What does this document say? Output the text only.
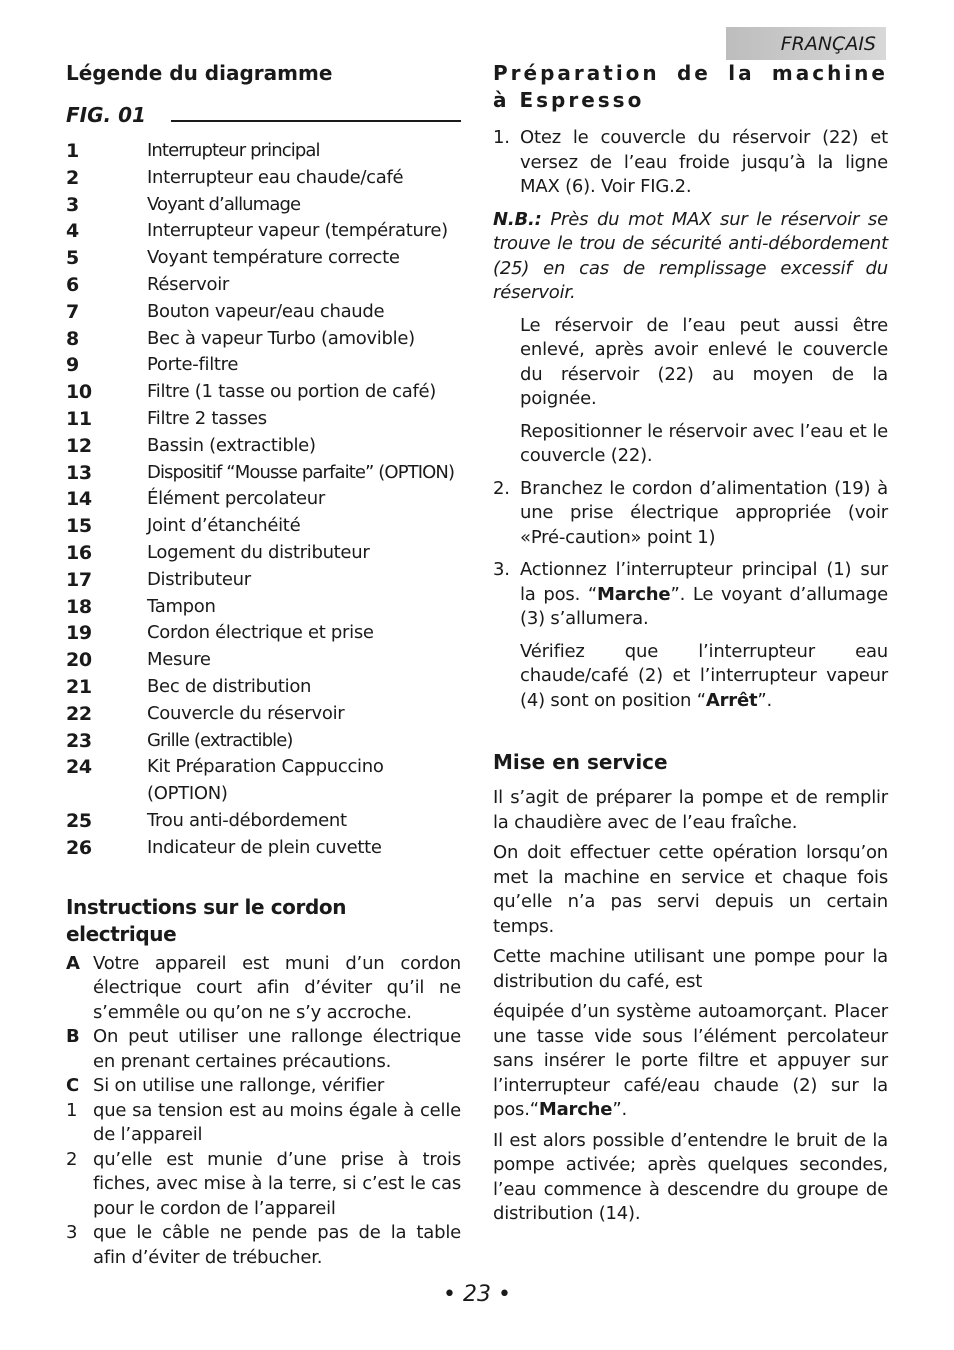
FRANÇAIS
Légende du diagramme
FIG. 01
1	Interrupteur principal
2	Interrupteur eau chaude/café
3	Voyant d’allumage
4	Interrupteur vapeur (température)
5	Voyant température correcte
6	Réservoir
7	Bouton vapeur/eau chaude
8	Bec à vapeur Turbo (amovible)
9	Porte-filtre
10	Filtre (1 tasse ou portion de café)
11	Filtre 2 tasses
12	Bassin (extractible)
13	Dispositif “Mousse parfaite” (OPTION)
14	Élément percolateur
15	Joint d’étanchéité
16	Logement du distributeur
17	Distributeur
18	Tampon
19	Cordon électrique et prise
20	Mesure
21	Bec de distribution
22	Couvercle du réservoir
23	Grille (extractible)
24	Kit Préparation Cappuccino (OPTION)
25	Trou anti-débordement
26	Indicateur de plein cuvette
Instructions sur le cordon electrique
A Votre appareil est muni d’un cordon électrique court afin d’éviter qu’il ne s’emmêle ou qu’on ne s’y accroche.
B On peut utiliser une rallonge électrique en prenant certaines précautions.
C Si on utilise une rallonge, vérifier
1 que sa tension est au moins égale à celle de l’appareil
2 qu’elle est munie d’une prise à trois fiches, avec mise à la terre, si c’est le cas pour le cordon de l’appareil
3 que le câble ne pende pas de la table afin d’éviter de trébucher.
Préparation de la machine à Espresso
1. Otez le couvercle du réservoir (22) et versez de l’eau froide jusqu’à la ligne MAX (6). Voir FIG.2.

N.B.: Près du mot MAX sur le réservoir se trouve le trou de sécurité anti-débordement (25) en cas de remplissage excessif du réservoir.

Le réservoir de l’eau peut aussi être enlevé, après avoir enlevé le couvercle du réservoir (22) au moyen de la poignée.

Repositionner le réservoir avec l’eau et le couvercle (22).

2. Branchez le cordon d’alimentation (19) à une prise électrique appropriée (voir «Pré-caution» point 1)
3. Actionnez l’interrupteur principal (1) sur la pos. “Marche”. Le voyant d’allumage (3) s’allumera.

Vérifiez que l’interrupteur eau chaude/café (2) et l’interrupteur vapeur (4) sont on position “Arrêt”.

Mise en service

Il s’agit de préparer la pompe et de remplir la chaudière avec de l’eau fraîche.

On doit effectuer cette opération lorsqu’on met la machine en service et chaque fois qu’elle n’a pas servi depuis un certain temps.

Cette machine utilisant une pompe pour la distribution du café, est

équipée d’un système autoamorçant. Placer une tasse vide sous l’élément percolateur sans insérer le porte filtre et appuyer sur l’interrupteur café/eau chaude (2) sur la pos.“Marche”.

Il est alors possible d’entendre le bruit de la pompe activée; après quelques secondes, l’eau commence à descendre du groupe de distribution (14).

• 23 •
